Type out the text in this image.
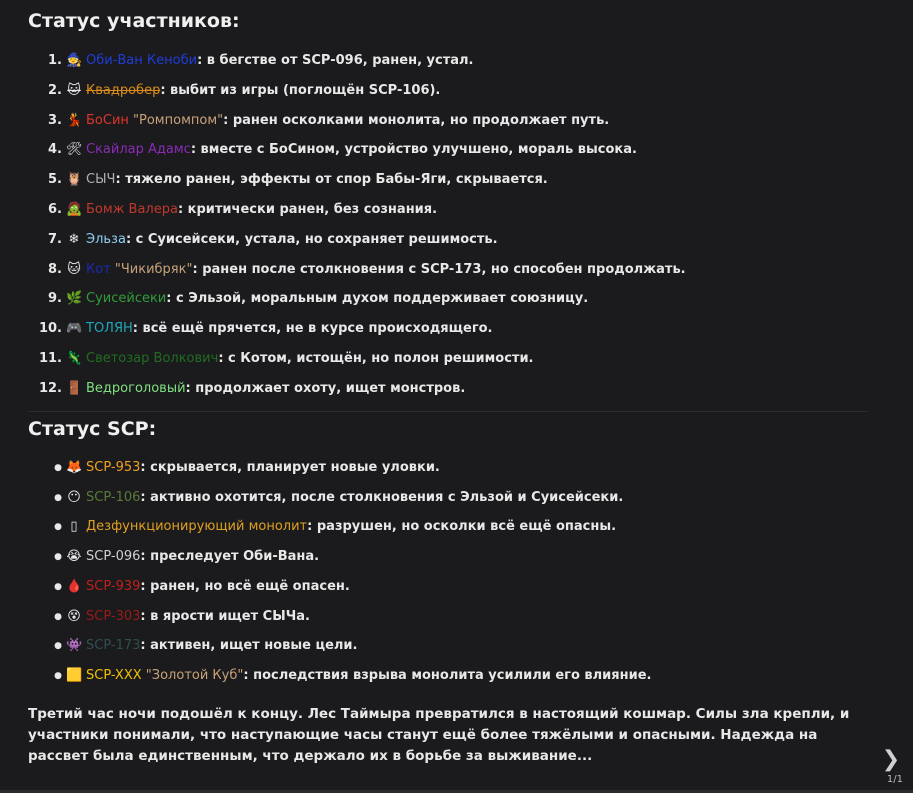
Статус участников:
1. 🧙 Оби-Ван Кеноби: в бегстве от SCP-096, ранен, устал.
2. 🐱 Квадробер: выбит из игры (поглощён SCP-106).
3. 💃 БоСин "Ромпомпом": ранен осколками монолита, но продолжает путь.
4. 🛠 Скайлар Адамс: вместе с БоСином, устройство улучшено, мораль высока.
5. 🦉 СЫЧ: тяжело ранен, эффекты от спор Бабы-Яги, скрывается.
6. 🧟 Бомж Валера: критически ранен, без сознания.
7. ❄ Эльза: с Суисейсеки, устала, но сохраняет решимость.
8. 🐱 Кот "Чикибряк": ранен после столкновения с SCP-173, но способен продолжать.
9. 🌿 Суисейсеки: с Эльзой, моральным духом поддерживает союзницу.
10. 🎮 ТОЛЯН: всё ещё прячется, не в курсе происходящего.
11. 🦎 Светозар Волкович: с Котом, истощён, но полон решимости.
12. 🚪 Ведроголовый: продолжает охоту, ищет монстров.
Статус SCP:
● 🦊 SCP-953: скрывается, планирует новые уловки.
● 😶 SCP-106: активно охотится, после столкновения с Эльзой и Суисейсеки.
● ▯ Дезфункционирующий монолит: разрушен, но осколки всё ещё опасны.
● 😭 SCP-096: преследует Оби-Вана.
● 🩸 SCP-939: ранен, но всё ещё опасен.
● 😵 SCP-303: в ярости ищет СЫЧа.
● 👾 SCP-173: активен, ищет новые цели.
● 🟨 SCP-XXX "Золотой Куб": последствия взрыва монолита усилили его влияние.
Третий час ночи подошёл к концу. Лес Таймыра превратился в настоящий кошмар. Силы зла крепли, и участники понимали, что наступающие часы станут ещё более тяжёлыми и опасными. Надежда на рассвет была единственным, что держало их в борьбе за выживание...	❯
1/1
